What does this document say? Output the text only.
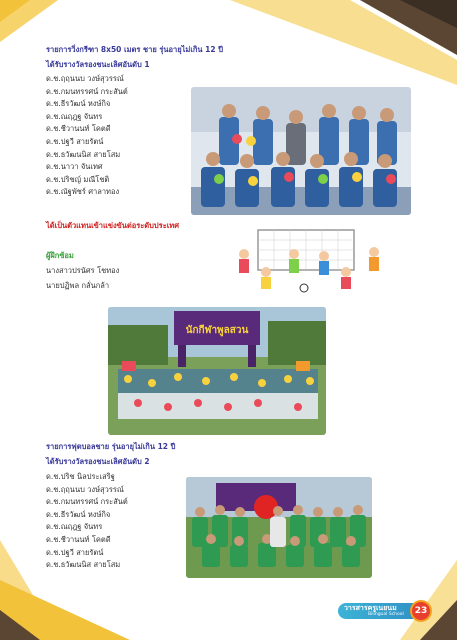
รายการวิ่งกรีฑา 8x50 เมตร ชาย รุ่นอายุไม่เกิน 12 ปี
ได้รับรางวัลรองชนะเลิศอันดับ 1
ด.ช.ฤฤนนบ วงษ์สุวรรณ์
ด.ช.กมนทรรศน์ กระสันต์
ด.ช.ธีรวัฒน์ หงษ์กิจ
ด.ช.ณฤฎฐ จันทร
ด.ช.ชีวานนท์ โคตดี
ด.ช.ปฐวี สายรัตน์
ด.ช.ธวัฒนนิส สายโสม
ด.ช.นาวา จันเทศ
ด.ช.ปริชญ์ มณีโชติ
ด.ช.ณัฐพัชร์ ศาลาทอง
ได้เป็นตัวแทนเข้าแข่งขันต่อระดับประเทศ
ผู้ฝึกซ้อม
นางสาวปรนัศร โชทอง
นายปฏิพล กลั่นกล้า
นักกีฬาพูลสวน
รายการฟุตบอลชาย รุ่นอายุไม่เกิน 12 ปี
ได้รับรางวัลรองชนะเลิศอันดับ 2
ด.ช.ปริช นิลประเสริฐ
ด.ช.ฤฤนนบ วงษ์สุวรรณ์
ด.ช.กมนทรรศน์ กระสันต์
ด.ช.ธีรวัฒน์ หงษ์กิจ
ด.ช.ณฤฎฐ จันทร
ด.ช.ชีวานนท์ โคตดี
ด.ช.ปฐวี สายรัตน์
ด.ช.ธวัฒนนิส สายโสม
วารสารครูเนยนม
Bilingual School	23
